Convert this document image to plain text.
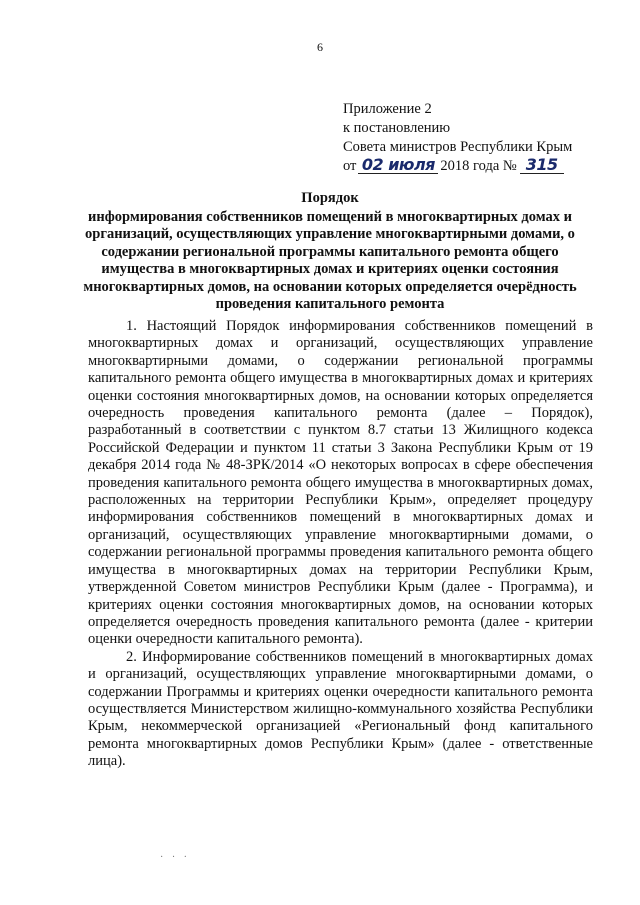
6
Приложение 2
к постановлению
Совета министров Республики Крым
от 02 июля 2018 года № 315
Порядок
информирования собственников помещений в многоквартирных домах и организаций, осуществляющих управление многоквартирными домами, о содержании региональной программы капитального ремонта общего имущества в многоквартирных домах и критериях оценки состояния многоквартирных домов, на основании которых определяется очерёдность проведения капитального ремонта

1. Настоящий Порядок информирования собственников помещений в многоквартирных домах и организаций, осуществляющих управление многоквартирными домами, о содержании региональной программы капитального ремонта общего имущества в многоквартирных домах и критериях оценки состояния многоквартирных домов, на основании которых определяется очередность проведения капитального ремонта (далее – Порядок), разработанный в соответствии с пунктом 8.7 статьи 13 Жилищного кодекса Российской Федерации и пунктом 11 статьи 3 Закона Республики Крым от 19 декабря 2014 года № 48-ЗРК/2014 «О некоторых вопросах в сфере обеспечения проведения капитального ремонта общего имущества в многоквартирных домах, расположенных на территории Республики Крым», определяет процедуру информирования собственников помещений в многоквартирных домах и организаций, осуществляющих управление многоквартирными домами, о содержании региональной программы проведения капитального ремонта общего имущества в многоквартирных домах на территории Республики Крым, утвержденной Советом министров Республики Крым (далее - Программа), и критериях оценки состояния многоквартирных домов, на основании которых определяется очередность проведения капитального ремонта (далее - критерии оценки очередности капитального ремонта).

2. Информирование собственников помещений в многоквартирных домах и организаций, осуществляющих управление многоквартирными домами, о содержании Программы и критериях оценки очередности капитального ремонта осуществляется Министерством жилищно-коммунального хозяйства Республики Крым, некоммерческой организацией «Региональный фонд капитального ремонта многоквартирных домов Республики Крым» (далее - ответственные лица).

· · ·
